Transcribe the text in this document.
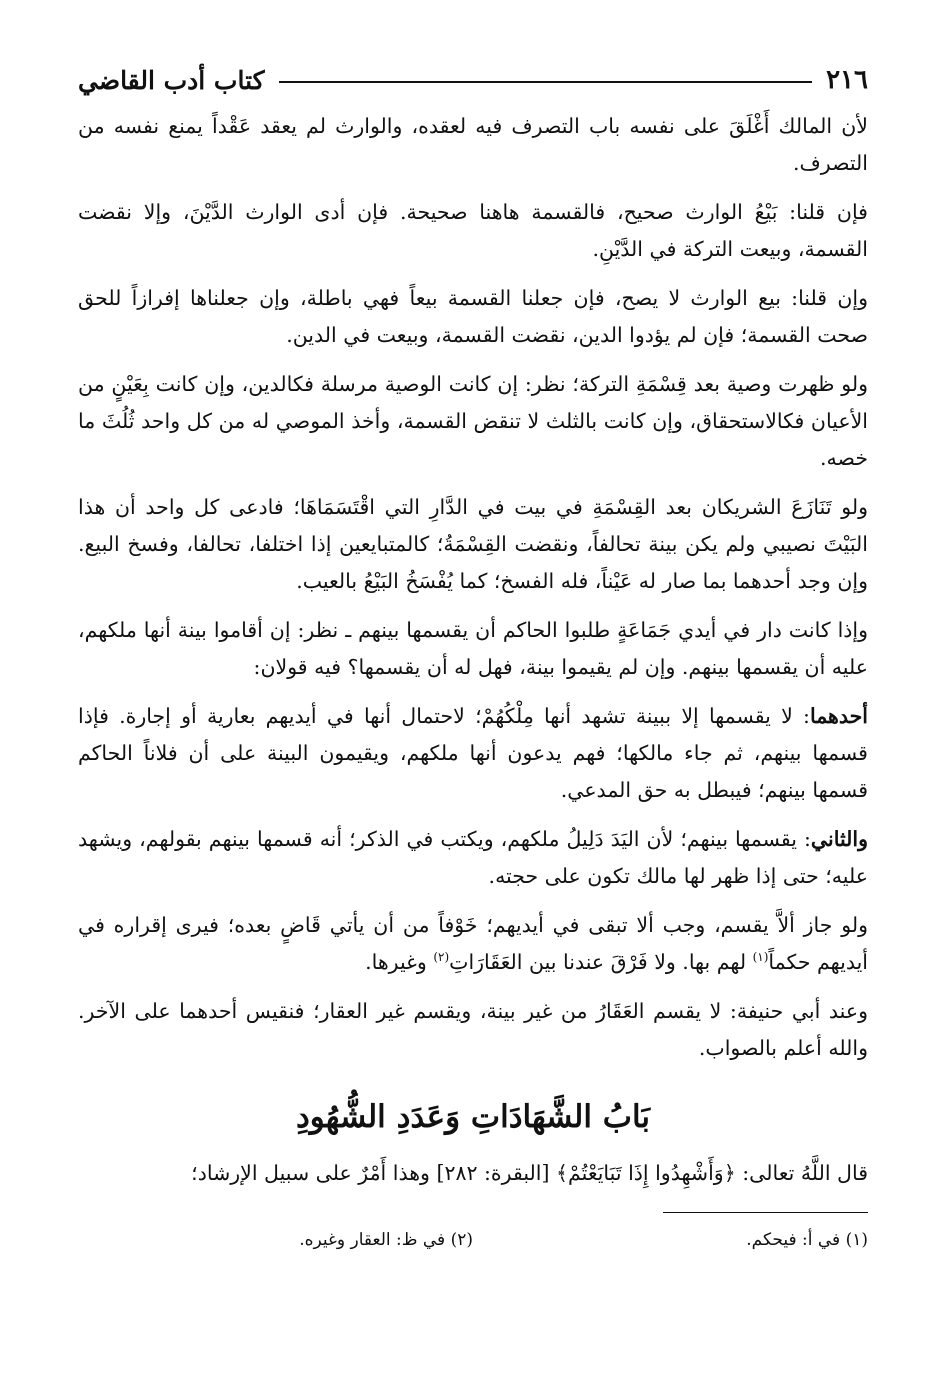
٢١٦
كتاب أدب القاضي

لأن المالك أَغْلَقَ على نفسه باب التصرف فيه لعقده، والوارث لم يعقد عَقْداً يمنع نفسه من التصرف.

فإن قلنا: بَيْعُ الوارث صحيح، فالقسمة هاهنا صحيحة. فإن أدى الوارث الدَّيْنَ، وإلا نقضت القسمة، وبيعت التركة في الدَّيْنِ.

وإن قلنا: بيع الوارث لا يصح، فإن جعلنا القسمة بيعاً فهي باطلة، وإن جعلناها إفرازاً للحق صحت القسمة؛ فإن لم يؤدوا الدين، نقضت القسمة، وبيعت في الدين.

ولو ظهرت وصية بعد قِسْمَةِ التركة؛ نظر: إن كانت الوصية مرسلة فكالدين، وإن كانت بِعَيْنٍ من الأعيان فكالاستحقاق، وإن كانت بالثلث لا تنقض القسمة، وأخذ الموصي له من كل واحد ثُلُثَ ما خصه.

ولو تَنَازَعَ الشريكان بعد القِسْمَةِ في بيت في الدَّارِ التي اقْتَسَمَاهَا؛ فادعى كل واحد أن هذا البَيْتَ نصيبي ولم يكن بينة تحالفاً، ونقضت القِسْمَةُ؛ كالمتبايعين إذا اختلفا، تحالفا، وفسخ البيع. وإن وجد أحدهما بما صار له عَيْناً، فله الفسخ؛ كما يُفْسَخُ البَيْعُ بالعيب.

وإذا كانت دار في أيدي جَمَاعَةٍ طلبوا الحاكم أن يقسمها بينهم ـ نظر: إن أقاموا بينة أنها ملكهم، عليه أن يقسمها بينهم. وإن لم يقيموا بينة، فهل له أن يقسمها؟ فيه قولان:

أحدهما: لا يقسمها إلا ببينة تشهد أنها مِلْكُهُمْ؛ لاحتمال أنها في أيديهم بعارية أو إجارة. فإذا قسمها بينهم، ثم جاء مالكها؛ فهم يدعون أنها ملكهم، ويقيمون البينة على أن فلاناً الحاكم قسمها بينهم؛ فيبطل به حق المدعي.

والثاني: يقسمها بينهم؛ لأن اليَدَ دَلِيلُ ملكهم، ويكتب في الذكر؛ أنه قسمها بينهم بقولهم، ويشهد عليه؛ حتى إذا ظهر لها مالك تكون على حجته.

ولو جاز ألاَّ يقسم، وجب ألا تبقى في أيديهم؛ خَوْفاً من أن يأتي قَاضٍ بعده؛ فيرى إقراره في أيديهم حكماً$^{(١)}$ لهم بها. ولا فَرْقَ عندنا بين العَقَارَاتِ$^{(٢)}$ وغيرها.

وعند أبي حنيفة: لا يقسم العَقَارُ من غير بينة، ويقسم غير العقار؛ فنقيس أحدهما على الآخر. والله أعلم بالصواب.

بَابُ الشَّهَادَاتِ وَعَدَدِ الشُّهُودِ

قال اللَّهُ تعالى: ﴿وَأَشْهِدُوا إِذَا تَبَايَعْتُمْ﴾ [البقرة: ٢٨٢] وهذا أَمْرٌ على سبيل الإرشاد؛

(١) في أ: فيحكم.
(٢) في ظ: العقار وغيره.
